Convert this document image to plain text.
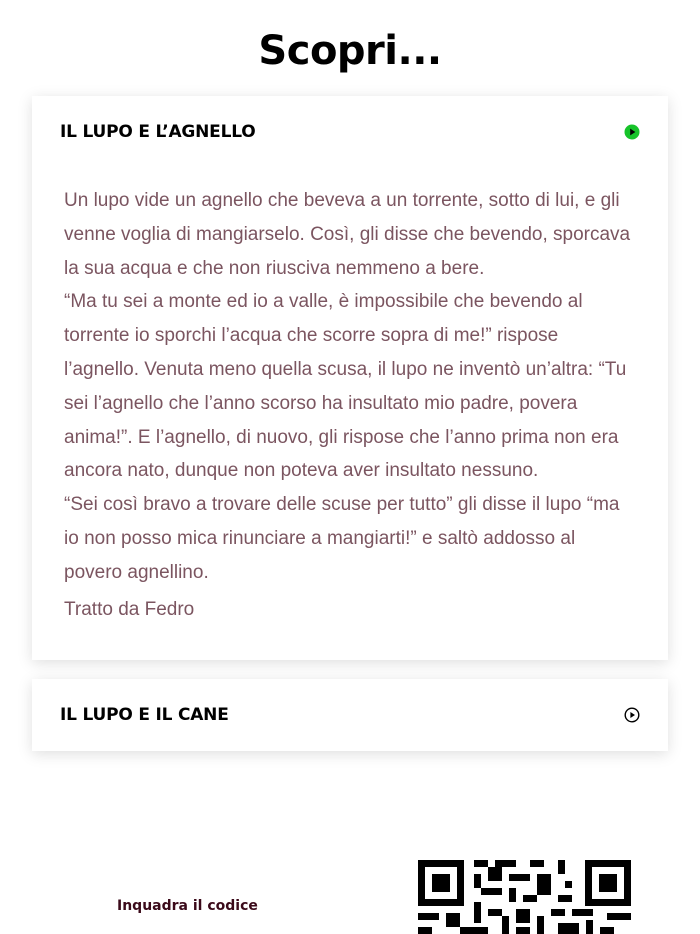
Scopri...
IL LUPO E L’AGNELLO

Un lupo vide un agnello che beveva a un torrente, sotto di lui, e gli venne voglia di mangiarselo. Così, gli disse che bevendo, sporcava la sua acqua e che non riusciva nemmeno a bere.

“Ma tu sei a monte ed io a valle, è impossibile che bevendo al torrente io sporchi l’acqua che scorre sopra di me!” rispose l’agnello. Venuta meno quella scusa, il lupo ne inventò un’altra: “Tu sei l’agnello che l’anno scorso ha insultato mio padre, povera anima!”. E l’agnello, di nuovo, gli rispose che l’anno prima non era ancora nato, dunque non poteva aver insultato nessuno.

“Sei così bravo a trovare delle scuse per tutto” gli disse il lupo “ma io non posso mica rinunciare a mangiarti!” e saltò addosso al povero agnellino.

Tratto da Fedro
IL LUPO E IL CANE
Inquadra il codice
